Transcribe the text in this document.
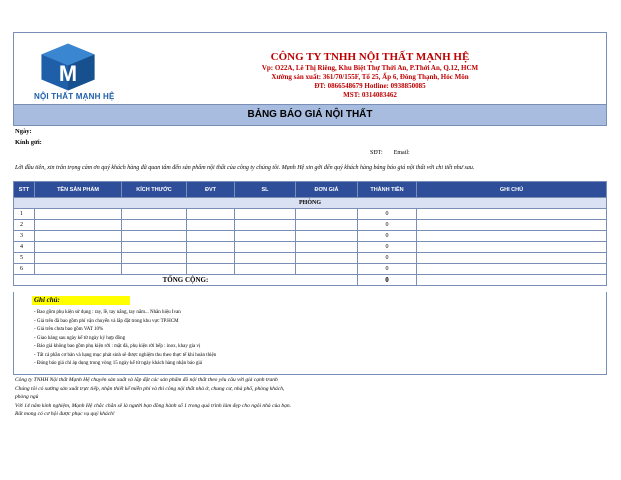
M
NỘI THẤT MẠNH HỆ
CÔNG TY TNHH NỘI THẤT MẠNH HỆ
Vp: O22A, Lê Thị Riêng, Khu Biệt Thự Thới An, P.Thới An, Q.12, HCM
Xưởng sản xuất: 361/70/155F, Tổ 25, Ấp 6, Đông Thạnh, Hóc Môn
ĐT: 0866548679 Hotline: 0938850085
MST: 0314083462
BẢNG BÁO GIÁ NỘI THẤT
Ngày:
Kính gửi:
SĐT: Email:
Lời đầu tiên, xin trân trọng cảm ơn quý khách hàng đã quan tâm đến sản phẩm nội thất của công ty chúng tôi. Mạnh Hệ xin gởi đến quý khách hàng bảng báo giá nội thất với chi tiết như sau.
STT	TÊN SẢN PHẨM	KÍCH THƯỚC	ĐVT	SL	ĐƠN GIÁ	THÀNH TIỀN	GHI CHÚ
PHÒNG							
1						0	
2						0	
3						0	
4						0	
5						0	
6						0	
TỔNG CỘNG:						0	
Ghi chú:
- Bao gồm phụ kiện sử dụng : ray, lề, tay nắng, tay nắm... Nhãn hiệu Ivan
- Giá trên đã bao gồm phí vận chuyển và lắp đặt trong khu vực TP.HCM
- Giá trên chưa bao gồm VAT 10%
- Giao hàng sau ngày kể từ ngày ký hợp đồng
- Báo giá không bao gồm phụ kiện rời : mặt đá, phụ kiện rời bếp : inox, khay gia vị
- Tất cả phần cơ bản và hạng mục phát sinh sẽ được nghiệm thu theo thực tế khi hoàn thiện
- Đúng báo giá chỉ áp dụng trong vòng 15 ngày kể từ ngày khách hàng nhận báo giá
Công ty TNHH Nội thất Mạnh Hệ chuyên sản xuất và lắp đặt các sản phẩm đồ nội thất theo yêu cầu với giá cạnh tranh
Chúng tôi có xưởng sản xuất trực tiếp, nhận thiết kế miễn phí và thi công nội thất nhà ở, chung cư, nhà phố, phòng khách,
phòng ngủ
Với 14 năm kinh nghiệm, Mạnh Hệ chắc chắn sẽ là người bạn đồng hành số 1 trong quá trình làm đẹp cho ngôi nhà của bạn.
Rất mong có cơ hội được phục vụ quý khách!
